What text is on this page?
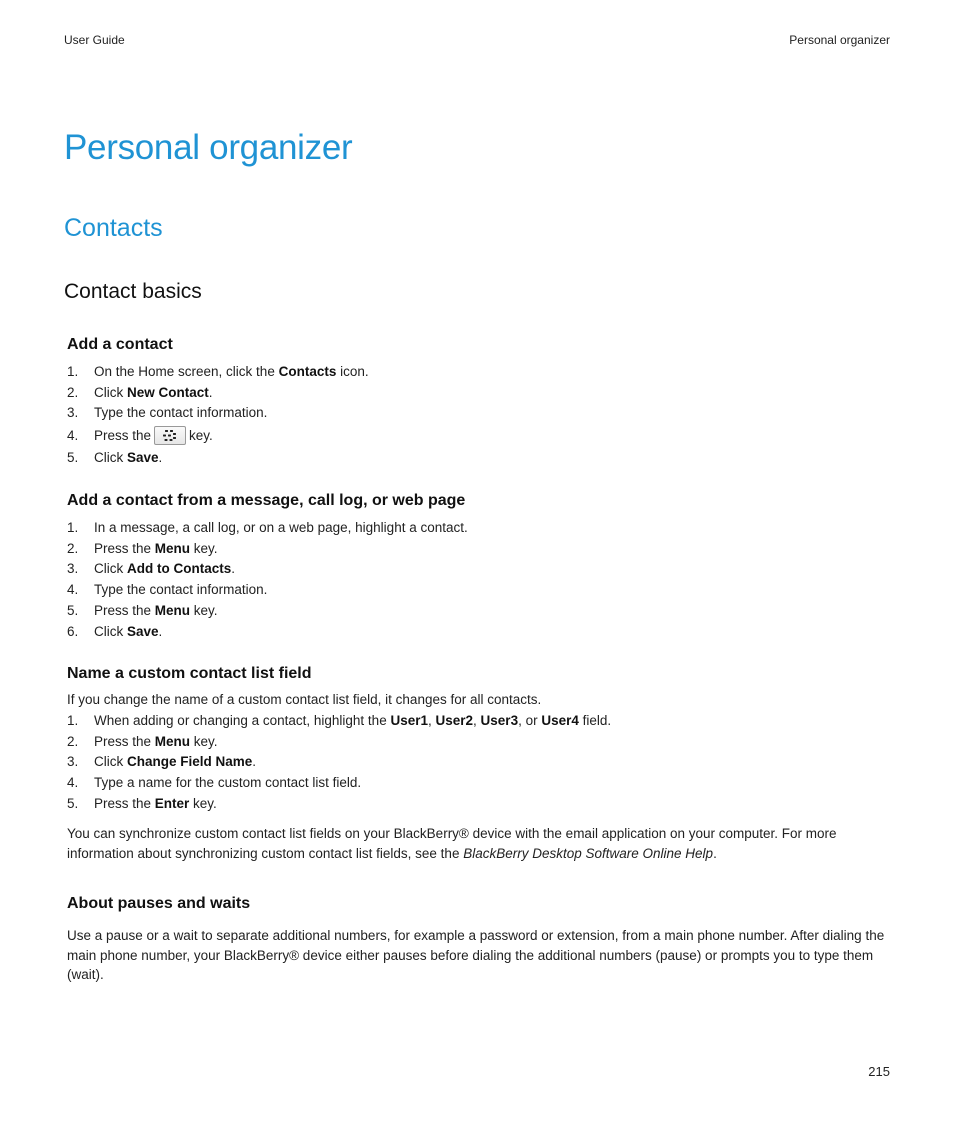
User Guide	Personal organizer
Personal organizer
Contacts
Contact basics
Add a contact
1. On the Home screen, click the Contacts icon.
2. Click New Contact.
3. Type the contact information.
4. Press the	key.
5. Click Save.
Add a contact from a message, call log, or web page
1. In a message, a call log, or on a web page, highlight a contact.
2. Press the Menu key.
3. Click Add to Contacts.
4. Type the contact information.
5. Press the Menu key.
6. Click Save.
Name a custom contact list field

If you change the name of a custom contact list field, it changes for all contacts.

1. When adding or changing a contact, highlight the User1, User2, User3, or User4 field.
2. Press the Menu key.
3. Click Change Field Name.
4. Type a name for the custom contact list field.
5. Press the Enter key.

You can synchronize custom contact list fields on your BlackBerry® device with the email application on your computer. For more information about synchronizing custom contact list fields, see the BlackBerry Desktop Software Online Help.

About pauses and waits

Use a pause or a wait to separate additional numbers, for example a password or extension, from a main phone number. After dialing the main phone number, your BlackBerry® device either pauses before dialing the additional numbers (pause) or prompts you to type them (wait).

215
